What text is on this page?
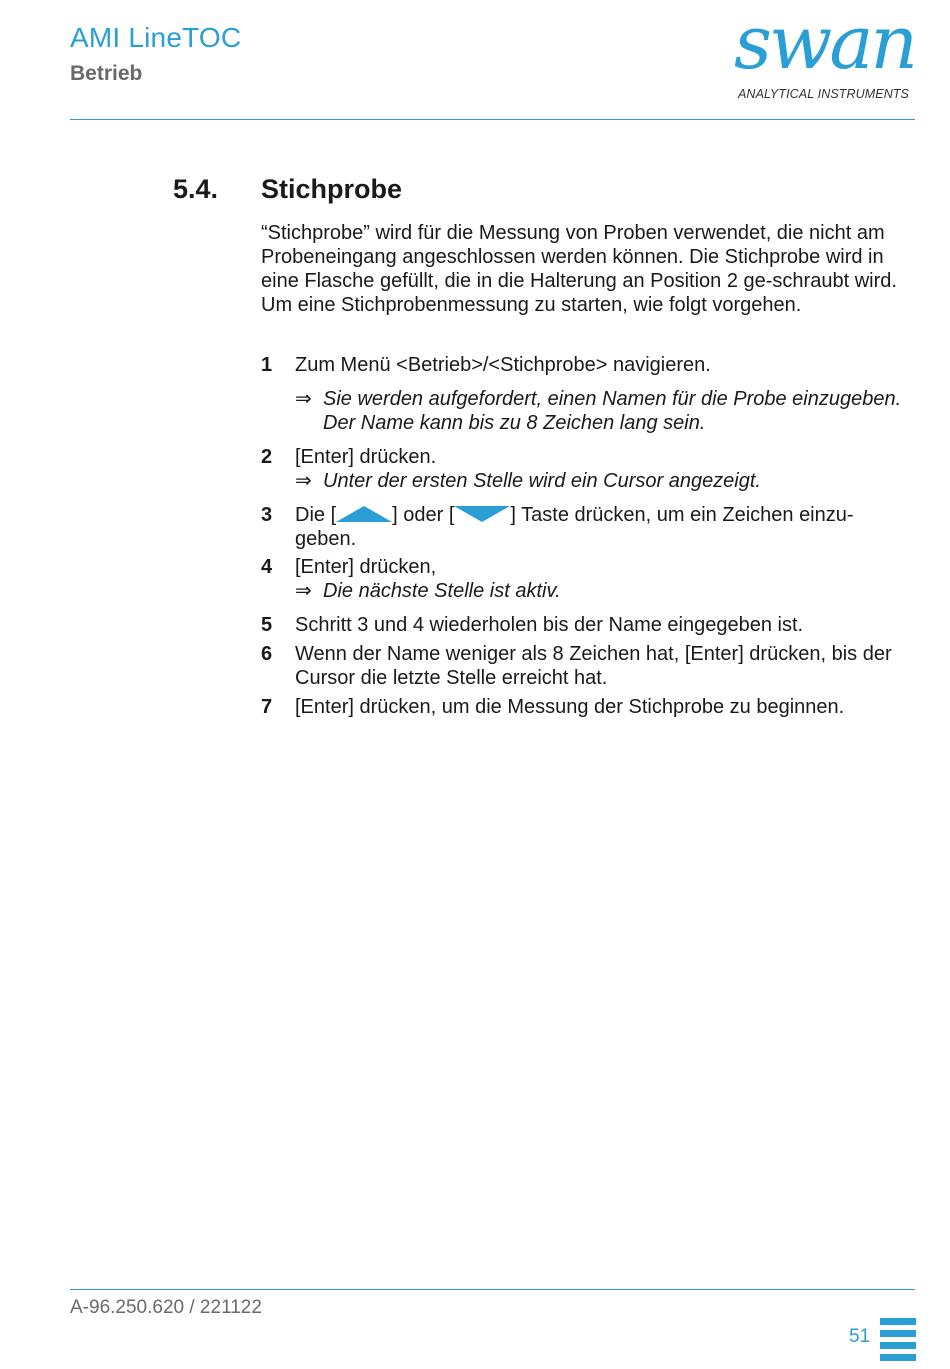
AMI LineTOC
Betrieb	swan
ANALYTICAL INSTRUMENTS
5.4. Stichprobe

“Stichprobe” wird für die Messung von Proben verwendet, die nicht am Probeneingang angeschlossen werden können. Die Stichprobe wird in eine Flasche gefüllt, die in die Halterung an Position 2 ge-schraubt wird.

Um eine Stichprobenmessung zu starten, wie folgt vorgehen.

1 Zum Menü <Betrieb>/<Stichprobe> navigieren.
⇒ Sie werden aufgefordert, einen Namen für die Probe einzugeben. Der Name kann bis zu 8 Zeichen lang sein.
2 [Enter] drücken.
⇒ Unter der ersten Stelle wird ein Cursor angezeigt.
3 Die [	] oder [	] Taste drücken, um ein Zeichen einzu-geben.
4 [Enter] drücken,
⇒ Die nächste Stelle ist aktiv.
5 Schritt 3 und 4 wiederholen bis der Name eingegeben ist.
6 Wenn der Name weniger als 8 Zeichen hat, [Enter] drücken, bis der Cursor die letzte Stelle erreicht hat.
7 [Enter] drücken, um die Messung der Stichprobe zu beginnen.
A-96.250.620 / 221122
51
